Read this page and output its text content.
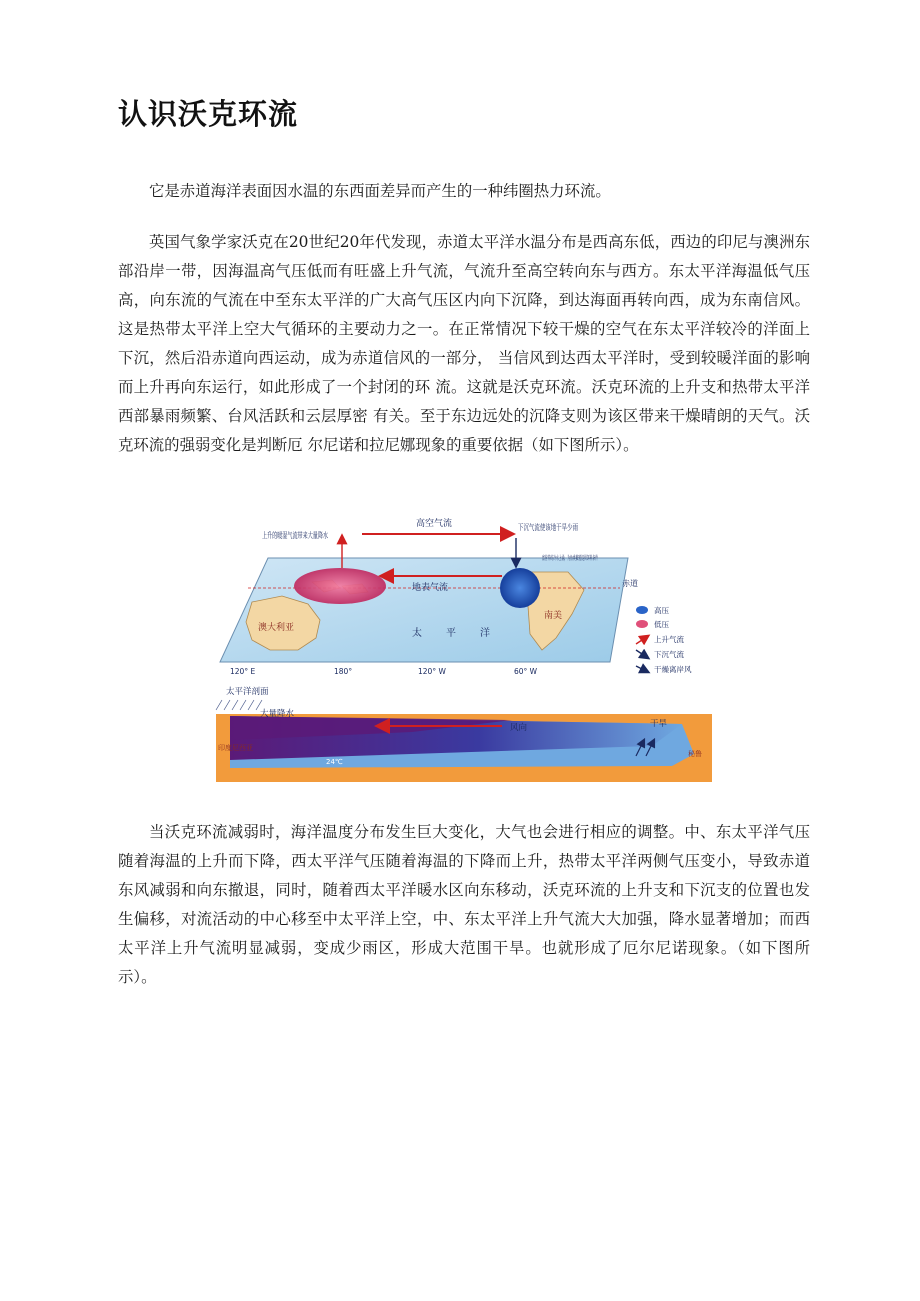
认识沃克环流

它是赤道海洋表面因水温的东西面差异而产生的一种纬圈热力环流。

英国气象学家沃克在20世纪20年代发现，赤道太平洋水温分布是西高东低，西边的印尼与澳洲东部沿岸一带，因海温高气压低而有旺盛上升气流，气流升至高空转向东与西方。东太平洋海温低气压高，向东流的气流在中至东太平洋的广大高气压区内向下沉降，到达海面再转向西，成为东南信风。这是热带太平洋上空大气循环的主要动力之一。在正常情况下较干燥的空气在东太平洋较冷的洋面上下沉，然后沿赤道向西运动，成为赤道信风的一部分， 当信风到达西太平洋时，受到较暖洋面的影响而上升再向东运行，如此形成了一个封闭的环 流。这就是沃克环流。沃克环流的上升支和热带太平洋西部暴雨频繁、台风活跃和云层厚密 有关。至于东边远处的沉降支则为该区带来干燥晴朗的天气。沃克环流的强弱变化是判断厄 尔尼诺和拉尼娜现象的重要依据（如下图所示）。

赤道
高空气流
地表气流
上升的暖湿气流带来大量降水
下沉气流使该地干旱少雨
澳大利亚	太平洋
南美
120° E	180°	120° W	60° W
高压
低压
上升气流
下沉气流
干燥离岸风
太平洋剖面
大量降水
风向	干旱
印度尼西亚
秘鲁
24℃

当沃克环流减弱时，海洋温度分布发生巨大变化，大气也会进行相应的调整。中、东太平洋气压随着海温的上升而下降，西太平洋气压随着海温的下降而上升，热带太平洋两侧气压变小，导致赤道东风减弱和向东撤退，同时，随着西太平洋暖水区向东移动，沃克环流的上升支和下沉支的位置也发生偏移，对流活动的中心移至中太平洋上空，中、东太平洋上升气流大大加强，降水显著增加；而西太平洋上升气流明显减弱，变成少雨区，形成大范围干旱。也就形成了厄尔尼诺现象。（如下图所示）。
